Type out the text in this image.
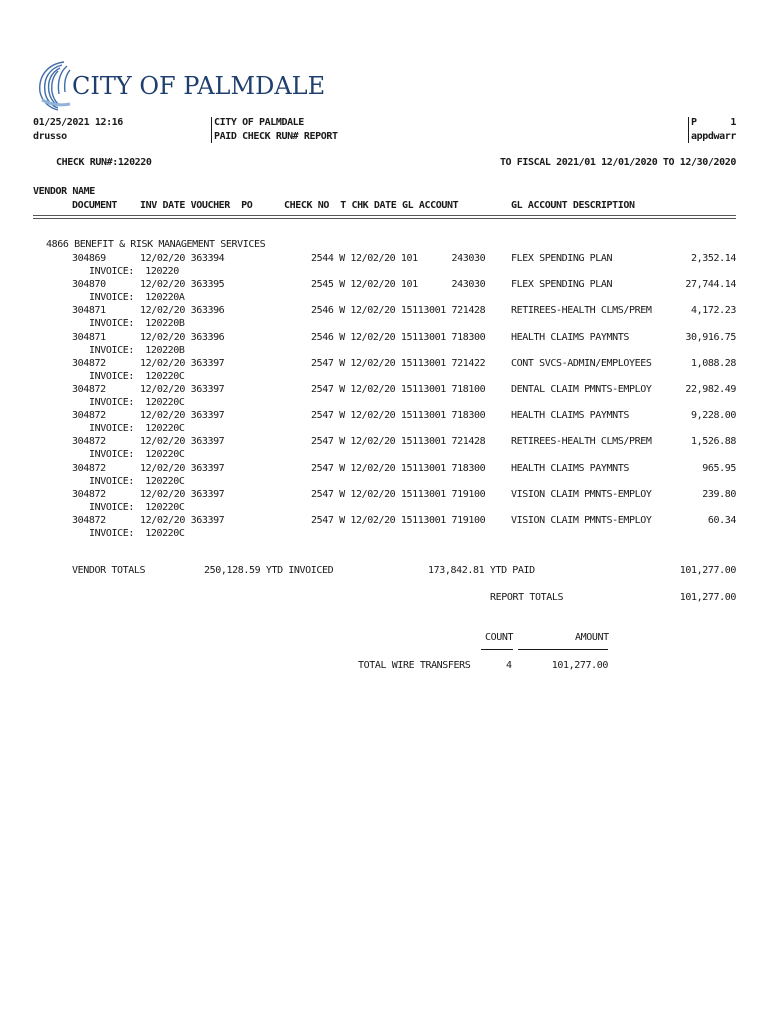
CITY OF PALMDALE
01/25/2021 12:16
drusso
CITY OF PALMDALE
PAID CHECK RUN# REPORT
P	1
appdwarr
CHECK RUN#:120220	TO FISCAL 2021/01 12/01/2020 TO 12/30/2020
VENDOR NAME
DOCUMENT INV DATE VOUCHER  PO	CHECK NO  T CHK DATE GL ACCOUNT	GL ACCOUNT DESCRIPTION
4866 BENEFIT & RISK MANAGEMENT SERVICES
304869	12/02/20 363394	2544 W 12/02/20 101      243030	FLEX SPENDING PLAN	2,352.14
INVOICE:  120220
304870	12/02/20 363395	2545 W 12/02/20 101      243030	FLEX SPENDING PLAN	27,744.14
INVOICE:  120220A
304871	12/02/20 363396	2546 W 12/02/20 15113001 721428	RETIREES-HEALTH CLMS/PREM	4,172.23
INVOICE:  120220B
304871	12/02/20 363396	2546 W 12/02/20 15113001 718300	HEALTH CLAIMS PAYMNTS	30,916.75
INVOICE:  120220B
304872	12/02/20 363397	2547 W 12/02/20 15113001 721422	CONT SVCS-ADMIN/EMPLOYEES	1,088.28
INVOICE:  120220C
304872	12/02/20 363397	2547 W 12/02/20 15113001 718100	DENTAL CLAIM PMNTS-EMPLOY	22,982.49
INVOICE:  120220C
304872	12/02/20 363397	2547 W 12/02/20 15113001 718300	HEALTH CLAIMS PAYMNTS	9,228.00
INVOICE:  120220C
304872	12/02/20 363397	2547 W 12/02/20 15113001 721428	RETIREES-HEALTH CLMS/PREM	1,526.88
INVOICE:  120220C
304872	12/02/20 363397	2547 W 12/02/20 15113001 718300	HEALTH CLAIMS PAYMNTS	965.95
INVOICE:  120220C
304872	12/02/20 363397	2547 W 12/02/20 15113001 719100	VISION CLAIM PMNTS-EMPLOY	239.80
INVOICE:  120220C
304872	12/02/20 363397	2547 W 12/02/20 15113001 719100	VISION CLAIM PMNTS-EMPLOY	60.34
INVOICE:  120220C
VENDOR TOTALS	250,128.59 YTD INVOICED	173,842.81 YTD PAID	101,277.00
REPORT TOTALS	101,277.00
COUNT	AMOUNT
TOTAL WIRE TRANSFERS	4	101,277.00
